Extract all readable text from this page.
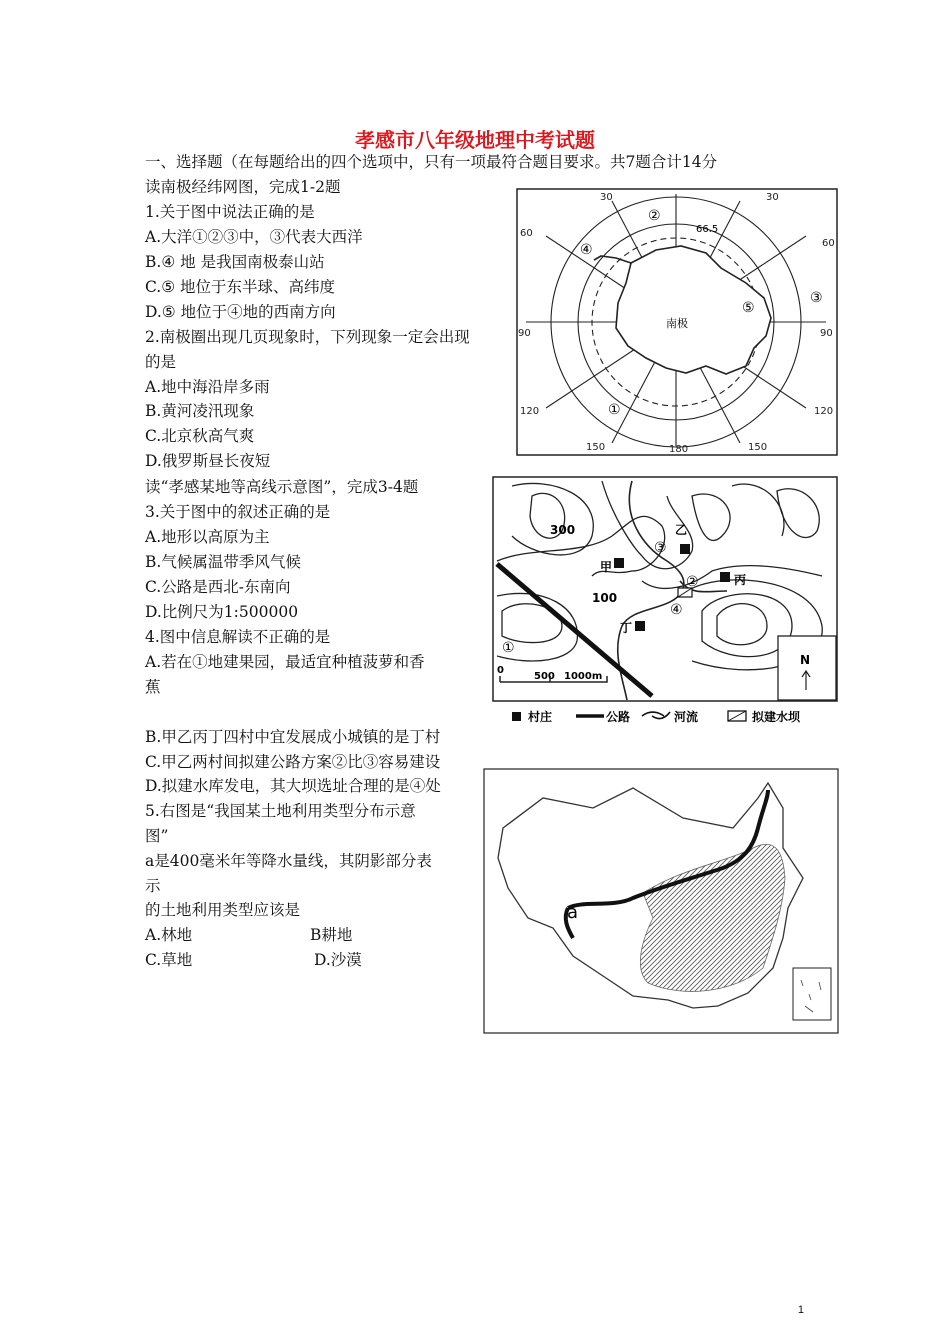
孝感市八年级地理中考试题
一、选择题（在每题给出的四个选项中，只有一项最符合题目要求。共7题合计14分
读南极经纬网图，完成1-2题
1.关于图中说法正确的是
A.大洋①②③中，③代表大西洋
B.④ 地 是我国南极泰山站
C.⑤ 地位于东半球、高纬度
D.⑤ 地位于④地的西南方向
2.南极圈出现几页现象时，下列现象一定会出现
的是
A.地中海沿岸多雨
B.黄河凌汛现象
C.北京秋高气爽
D.俄罗斯昼长夜短
读“孝感某地等高线示意图”，完成3-4题
3.关于图中的叙述正确的是
A.地形以高原为主
B.气候属温带季风气候
C.公路是西北-东南向
D.比例尺为1:500000
4.图中信息解读不正确的是
A.若在①地建果园，最适宜种植菠萝和香
蕉
B.甲乙丙丁四村中宜发展成小城镇的是丁村
C.甲乙两村间拟建公路方案②比③容易建设
D.拟建水库发电，其大坝选址合理的是④处
5.右图是“我国某土地利用类型分布示意
图”
a是400毫米年等降水量线，其阴影部分表
示
的土地利用类型应该是
A.林地	B耕地
C.草地	D.沙漠
南极
66.5
30
60
30
60
90	90
120	120
150	180	150
①
②
③
④
⑤
300
100
甲
乙
丙
丁
①
②
③
④
0
500 1000m
N
村庄	公路	河流	拟建水坝
a
1
